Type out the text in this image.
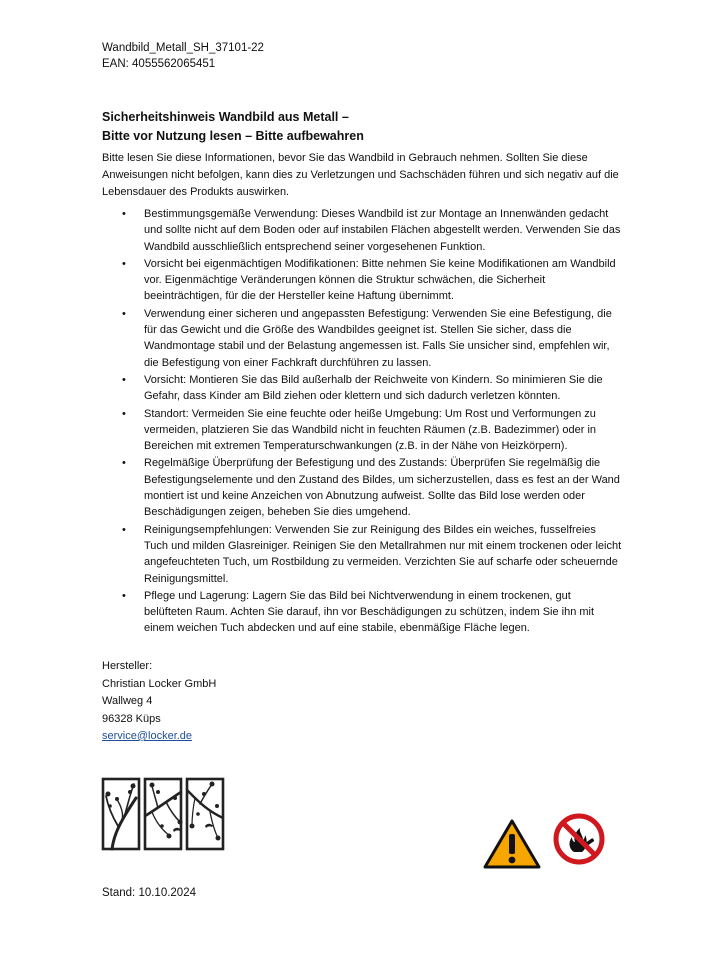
Wandbild_Metall_SH_37101-22
EAN: 4055562065451
Sicherheitshinweis Wandbild aus Metall –
Bitte vor Nutzung lesen – Bitte aufbewahren
Bitte lesen Sie diese Informationen, bevor Sie das Wandbild in Gebrauch nehmen. Sollten Sie diese Anweisungen nicht befolgen, kann dies zu Verletzungen und Sachschäden führen und sich negativ auf die Lebensdauer des Produkts auswirken.
• Bestimmungsgemäße Verwendung: Dieses Wandbild ist zur Montage an Innenwänden gedacht und sollte nicht auf dem Boden oder auf instabilen Flächen abgestellt werden. Verwenden Sie das Wandbild ausschließlich entsprechend seiner vorgesehenen Funktion.
• Vorsicht bei eigenmächtigen Modifikationen: Bitte nehmen Sie keine Modifikationen am Wandbild vor. Eigenmächtige Veränderungen können die Struktur schwächen, die Sicherheit beeinträchtigen, für die der Hersteller keine Haftung übernimmt.
• Verwendung einer sicheren und angepassten Befestigung: Verwenden Sie eine Befestigung, die für das Gewicht und die Größe des Wandbildes geeignet ist. Stellen Sie sicher, dass die Wandmontage stabil und der Belastung angemessen ist. Falls Sie unsicher sind, empfehlen wir, die Befestigung von einer Fachkraft durchführen zu lassen.
• Vorsicht: Montieren Sie das Bild außerhalb der Reichweite von Kindern. So minimieren Sie die Gefahr, dass Kinder am Bild ziehen oder klettern und sich dadurch verletzen könnten.
• Standort: Vermeiden Sie eine feuchte oder heiße Umgebung: Um Rost und Verformungen zu vermeiden, platzieren Sie das Wandbild nicht in feuchten Räumen (z.B. Badezimmer) oder in Bereichen mit extremen Temperaturschwankungen (z.B. in der Nähe von Heizkörpern).
• Regelmäßige Überprüfung der Befestigung und des Zustands: Überprüfen Sie regelmäßig die Befestigungselemente und den Zustand des Bildes, um sicherzustellen, dass es fest an der Wand montiert ist und keine Anzeichen von Abnutzung aufweist. Sollte das Bild lose werden oder Beschädigungen zeigen, beheben Sie dies umgehend.
• Reinigungsempfehlungen: Verwenden Sie zur Reinigung des Bildes ein weiches, fusselfreies Tuch und milden Glasreiniger. Reinigen Sie den Metallrahmen nur mit einem trockenen oder leicht angefeuchteten Tuch, um Rostbildung zu vermeiden. Verzichten Sie auf scharfe oder scheuernde Reinigungsmittel.
• Pflege und Lagerung: Lagern Sie das Bild bei Nichtverwendung in einem trockenen, gut belüfteten Raum. Achten Sie darauf, ihn vor Beschädigungen zu schützen, indem Sie ihn mit einem weichen Tuch abdecken und auf eine stabile, ebenmäßige Fläche legen.
Hersteller:
Christian Locker GmbH
Wallweg 4
96328 Küps
service@locker.de
Stand: 10.10.2024
